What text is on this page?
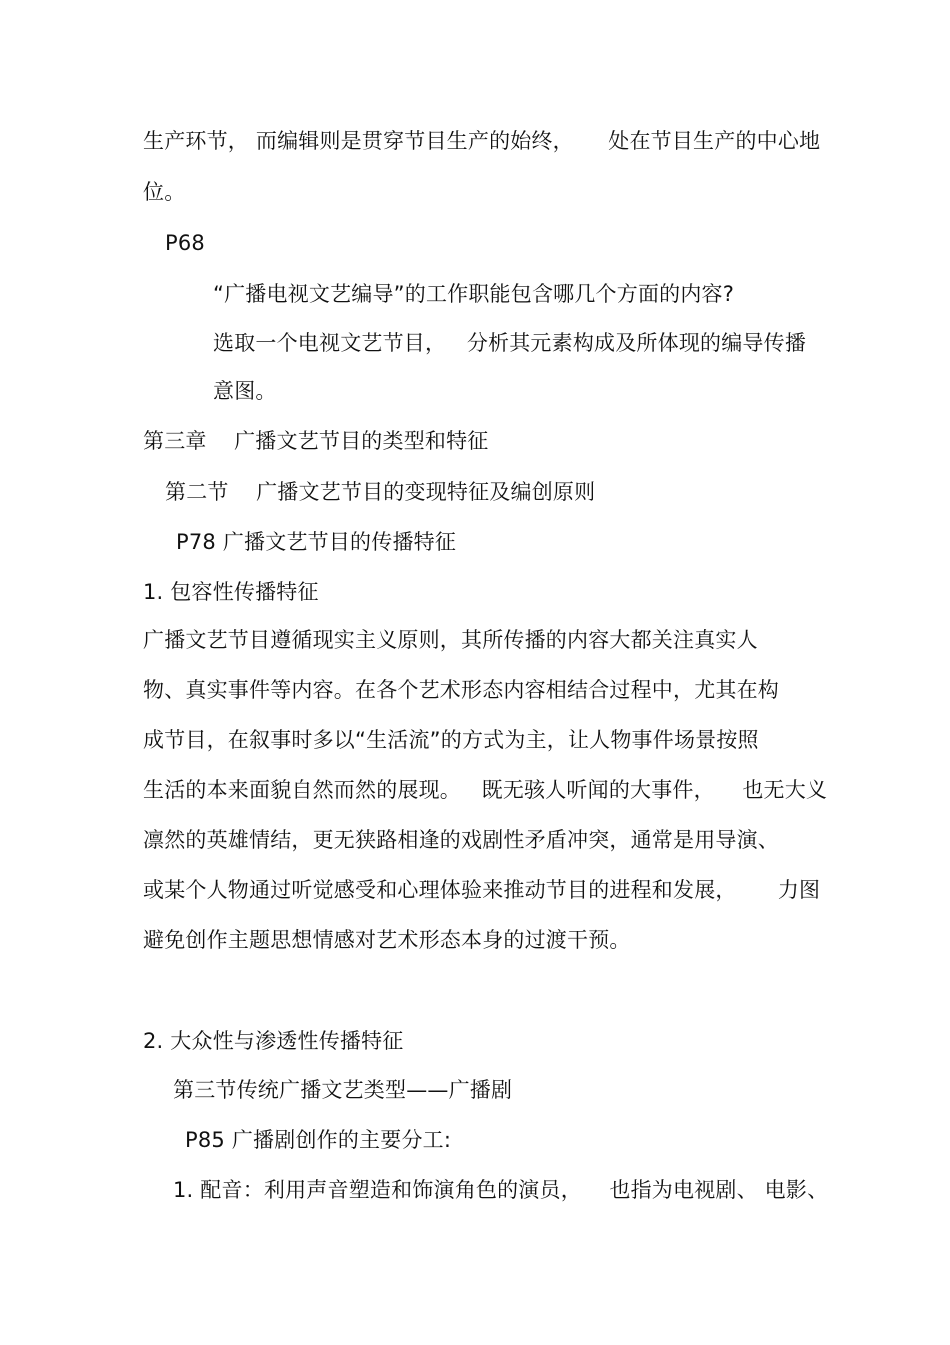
生产环节， 而编辑则是贯穿节目生产的始终，     处在节目生产的中心地
位。
P68
“广播电视文艺编导”的工作职能包含哪几个方面的内容?
选取一个电视文艺节目，   分析其元素构成及所体现的编导传播
意图。
第三章    广播文艺节目的类型和特征
第二节    广播文艺节目的变现特征及编创原则
P78 广播文艺节目的传播特征
1. 包容性传播特征
广播文艺节目遵循现实主义原则，其所传播的内容大都关注真实人
物、真实事件等内容。在各个艺术形态内容相结合过程中，尤其在构
成节目，在叙事时多以“生活流”的方式为主，让人物事件场景按照
生活的本来面貌自然而然的展现。   既无骇人听闻的大事件，    也无大义
凛然的英雄情结，更无狭路相逢的戏剧性矛盾冲突，通常是用导演、
或某个人物通过听觉感受和心理体验来推动节目的进程和发展，      力图
避免创作主题思想情感对艺术形态本身的过渡干预。
2. 大众性与渗透性传播特征
第三节传统广播文艺类型——广播剧
P85 广播剧创作的主要分工:
1. 配音：利用声音塑造和饰演角色的演员，    也指为电视剧、 电影、
